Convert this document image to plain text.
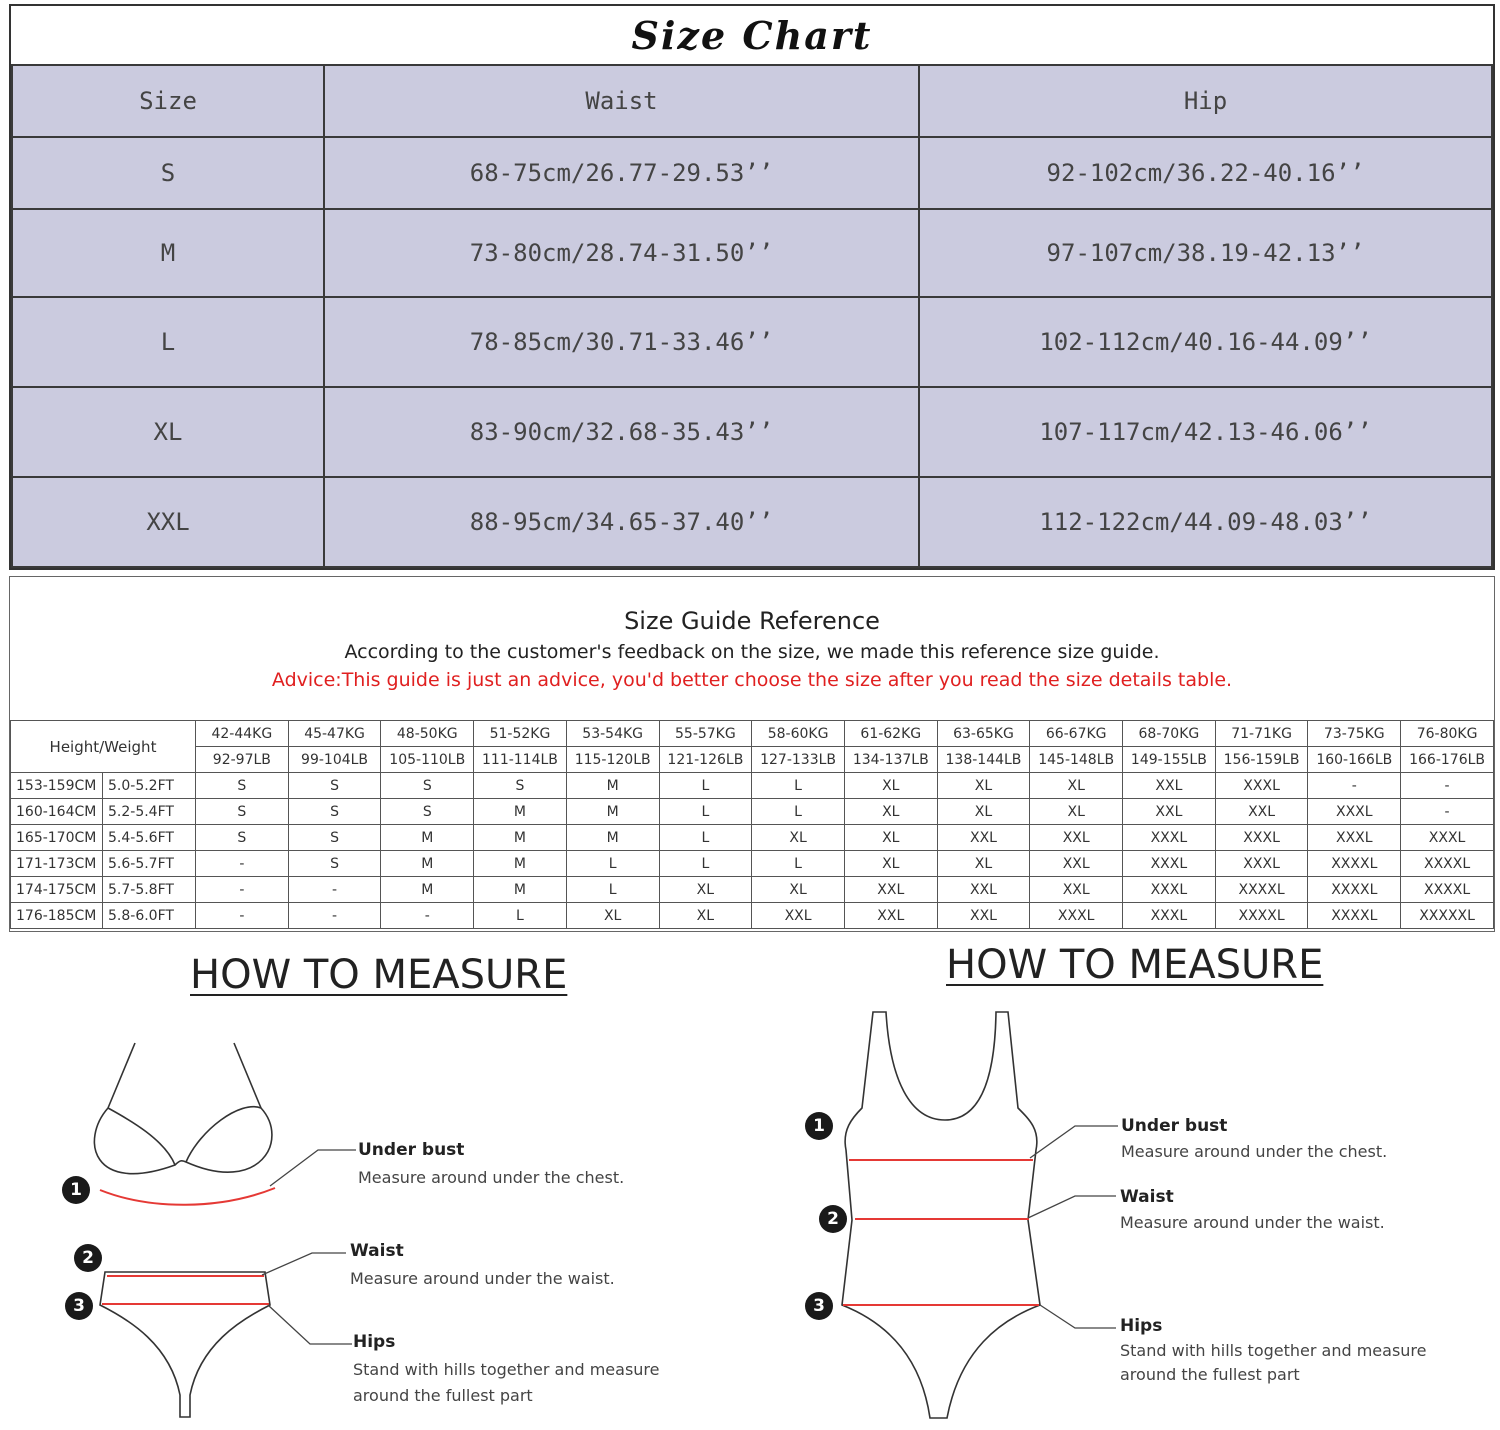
Size Chart
Size	Waist	Hip
S	68-75cm/26.77-29.53’’	92-102cm/36.22-40.16’’
M	73-80cm/28.74-31.50’’	97-107cm/38.19-42.13’’
L	78-85cm/30.71-33.46’’	102-112cm/40.16-44.09’’
XL	83-90cm/32.68-35.43’’	107-117cm/42.13-46.06’’
XXL	88-95cm/34.65-37.40’’	112-122cm/44.09-48.03’’
Size Guide Reference
According to the customer's feedback on the size, we made this reference size guide.
Advice:This guide is just an advice, you'd better choose the size after you read the size details table.
Height/Weight		42-44KG	45-47KG	48-50KG	51-52KG	53-54KG	55-57KG	58-60KG	61-62KG	63-65KG	66-67KG	68-70KG	71-71KG	73-75KG	76-80KG
		92-97LB	99-104LB	105-110LB	111-114LB	115-120LB	121-126LB	127-133LB	134-137LB	138-144LB	145-148LB	149-155LB	156-159LB	160-166LB	166-176LB
153-159CM	5.0-5.2FT	S	S	S	S	M	L	L	XL	XL	XL	XXL	XXXL	-	-
160-164CM	5.2-5.4FT	S	S	S	M	M	L	L	XL	XL	XL	XXL	XXL	XXXL	-
165-170CM	5.4-5.6FT	S	S	M	M	M	L	XL	XL	XXL	XXL	XXXL	XXXL	XXXL	XXXL
171-173CM	5.6-5.7FT	-	S	M	M	L	L	L	XL	XL	XXL	XXXL	XXXL	XXXXL	XXXXL
174-175CM	5.7-5.8FT	-	-	M	M	L	XL	XL	XXL	XXL	XXL	XXXL	XXXXL	XXXXL	XXXXL
176-185CM	5.8-6.0FT	-	-	-	L	XL	XL	XXL	XXL	XXL	XXXL	XXXL	XXXXL	XXXXL	XXXXXL
HOW TO MEASURE	HOW TO MEASURE
1
2
3
1
2
3
Under bust
Measure around under the chest.
Waist
Measure around under the waist.
Hips
Stand with hills together and measure
around the fullest part
Under bust
Measure around under the chest.
Waist
Measure around under the waist.
Hips
Stand with hills together and measure
around the fullest part
